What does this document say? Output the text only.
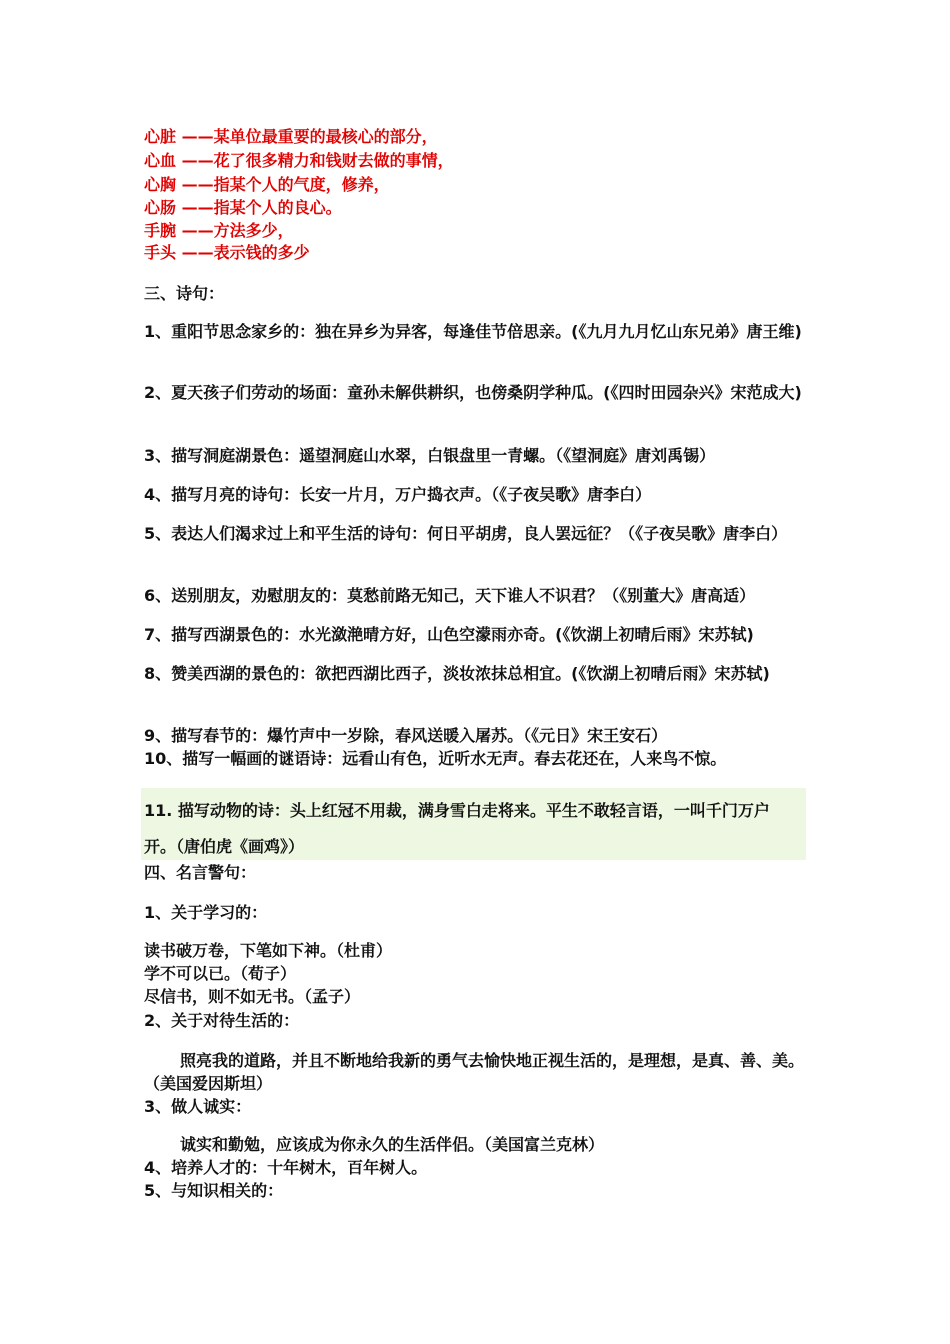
心脏 ——某单位最重要的最核心的部分，
心血 ——花了很多精力和钱财去做的事情，
心胸 ——指某个人的气度，修养，
心肠 ——指某个人的良心。
手腕 ——方法多少，
手头 ——表示钱的多少
三、诗句：
1、重阳节思念家乡的：独在异乡为异客，每逢佳节倍思亲。(《九月九月忆山东兄弟》唐王维)
2、夏天孩子们劳动的场面：童孙未解供耕织，也傍桑阴学种瓜。(《四时田园杂兴》宋范成大)
3、描写洞庭湖景色：遥望洞庭山水翠，白银盘里一青螺。（《望洞庭》唐刘禹锡）
4、描写月亮的诗句：长安一片月，万户捣衣声。（《子夜吴歌》唐李白）
5、表达人们渴求过上和平生活的诗句：何日平胡虏，良人罢远征？（《子夜吴歌》唐李白）
6、送别朋友，劝慰朋友的：莫愁前路无知己，天下谁人不识君？（《别董大》唐高适）
7、描写西湖景色的：水光潋滟晴方好，山色空濛雨亦奇。(《饮湖上初晴后雨》宋苏轼)
8、赞美西湖的景色的：欲把西湖比西子，淡妆浓抹总相宜。(《饮湖上初晴后雨》宋苏轼)
9、描写春节的：爆竹声中一岁除，春风送暖入屠苏。（《元日》宋王安石）
10、描写一幅画的谜语诗：远看山有色，近听水无声。春去花还在，人来鸟不惊。
11. 描写动物的诗：头上红冠不用裁，满身雪白走将来。平生不敢轻言语，一叫千门万户
开。（唐伯虎《画鸡》）
四、名言警句：
1、关于学习的：
读书破万卷，下笔如下神。（杜甫）
学不可以已。（荀子）
尽信书，则不如无书。（孟子）
2、关于对待生活的：
照亮我的道路，并且不断地给我新的勇气去愉快地正视生活的，是理想，是真、善、美。（美国爱因斯坦）
3、做人诚实：
诚实和勤勉，应该成为你永久的生活伴侣。（美国富兰克林）
4、培养人才的：十年树木，百年树人。
5、与知识相关的：
